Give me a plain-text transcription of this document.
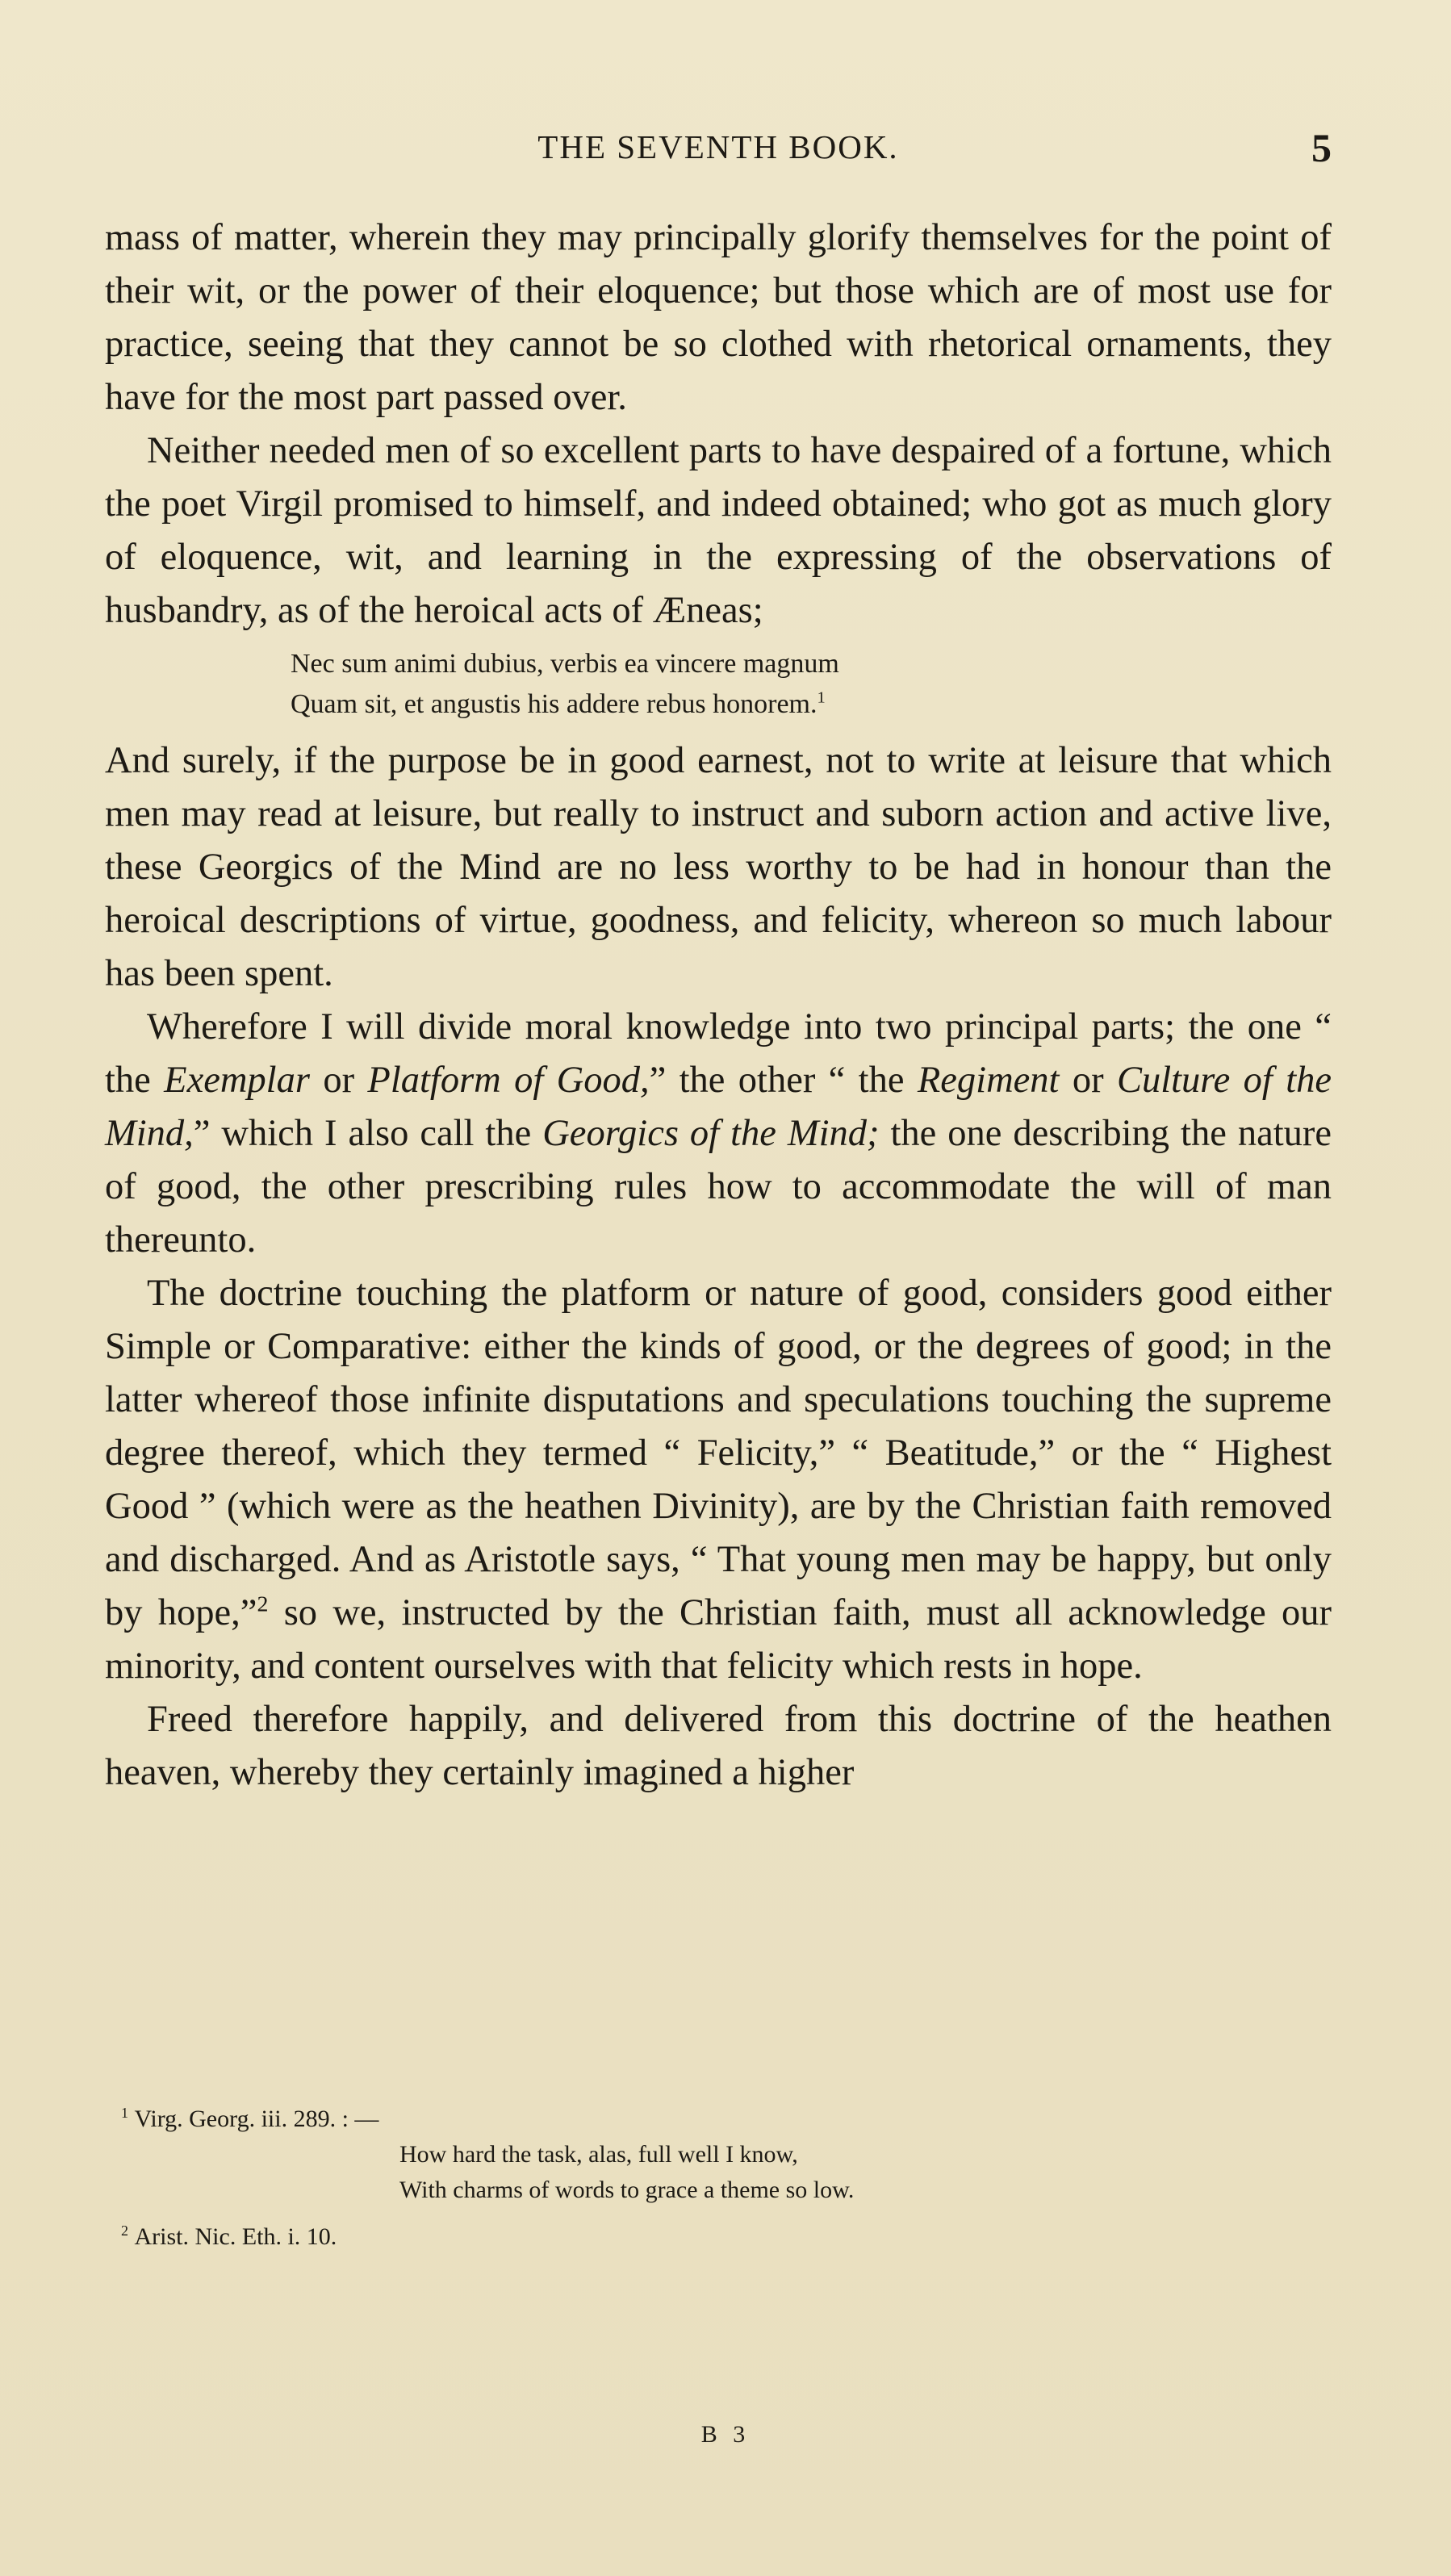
THE SEVENTH BOOK.	5

mass of matter, wherein they may principally glorify themselves for the point of their wit, or the power of their eloquence; but those which are of most use for practice, seeing that they cannot be so clothed with rhetorical ornaments, they have for the most part passed over.

Neither needed men of so excellent parts to have despaired of a fortune, which the poet Virgil promised to himself, and indeed obtained; who got as much glory of eloquence, wit, and learning in the expressing of the observations of husbandry, as of the heroical acts of Æneas;

Nec sum animi dubius, verbis ea vincere magnum
Quam sit, et angustis his addere rebus honorem.$^1$

And surely, if the purpose be in good earnest, not to write at leisure that which men may read at leisure, but really to instruct and suborn action and active live, these Georgics of the Mind are no less worthy to be had in honour than the heroical descriptions of virtue, goodness, and felicity, whereon so much labour has been spent.

Wherefore I will divide moral knowledge into two principal parts; the one “ the Exemplar or Platform of Good,” the other “ the Regiment or Culture of the Mind,” which I also call the Georgics of the Mind; the one describing the nature of good, the other prescribing rules how to accommodate the will of man thereunto.

The doctrine touching the platform or nature of good, considers good either Simple or Comparative: either the kinds of good, or the degrees of good; in the latter whereof those infinite disputations and speculations touching the supreme degree thereof, which they termed “ Felicity,” “ Beatitude,” or the “ Highest Good ” (which were as the heathen Divinity), are by the Christian faith removed and discharged. And as Aristotle says, “ That young men may be happy, but only by hope,”$^2$ so we, instructed by the Christian faith, must all acknowledge our minority, and content ourselves with that felicity which rests in hope.

Freed therefore happily, and delivered from this doctrine of the heathen heaven, whereby they certainly imagined a higher

$^1$ Virg. Georg. iii. 289. : —
How hard the task, alas, full well I know,
With charms of words to grace a theme so low.
$^2$ Arist. Nic. Eth. i. 10.
B 3
